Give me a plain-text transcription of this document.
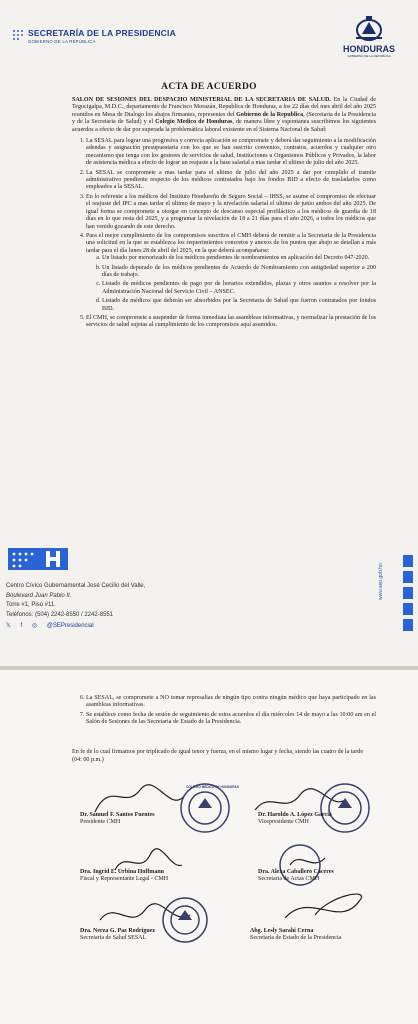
SECRETARÍA DE LA PRESIDENCIA
GOBIERNO DE LA REPÚBLICA
HONDURAS
GOBIERNO DE LA REPÚBLICA
ACTA DE ACUERDO

SALON DE SESIONES DEL DESPACHO MINISTERIAL DE LA SECRETARIA DE SALUD. En la Ciudad de Tegucigalpa, M.D.C., departamento de Francisco Morazán, Republica de Honduras, a los 22 días del mes abril del año 2025 reunidos en Mesa de Dialogo los abajos firmantes, representes del Gobierno de la Republica, (Secretaria de la Presidencia y de la Secretaria de Salud) y el Colegio Medico de Honduras, de manera libre y espontanea suscribimos los siguientes acuerdos a efecto de dar por superada la problemática laboral existente en el Sistema Nacional de Salud:

1. La SESAL para lograr una progresiva y correcta aplicación se compromete y deberá dar seguimiento a la modificación adendas y asignación presupuestaria con los que se han suscrito convenios, contratos, acuerdos y cualquier otro mecanismo que tenga con los gestores de servicios de salud, Instituciones u Organismos Públicos y Privados, la labor de asistencia médica a efecto de lograr un reajuste a la base salarial a mas tardar el ultimo de julio del año 2025.
2. La SESAL se compromete a mas tardar para el ultimo de julio del año 2025 a dar por cumplido el tramite administrativo pendiente respecto de los médicos contratados bajo los fondos BID a efecto de trasladarlos como empleados a la SESAL.
3. En lo referente a los médicos del Instituto Hondureño de Seguro Social – IHSS, se asume el compromiso de efectuar el reajuste del IPC a mas tardar el ultimo de mayo y la nivelación salarial el ultimo de junio ambos del año 2025. De igual forma se compromete a otorgar en concepto de descanso especial profiláctico a los médicos de guardia de 18 días en lo que resta del 2025, y a programar la nivelación de 18 a 21 días para el año 2026, a todos los médicos que han venido gozando de este derecho.
4. Para el mejor cumplimiento de los compromisos suscritos el CMH deberá de remitir a la Secretaria de la Presidencia una solicitud en la que se establezca los requerimientos concretos y anexos de los puntos que abajo se detallan a más tardar para el día lunes 28 de abril del 2025, en la que deberá acompañarse:
a. Un listado por menorizado de los médicos pendientes de nombramientos en aplicación del Decreto 047-2020.
b. Un listado depurado de los médicos pendientes de Acuerdo de Nombramiento con antigüedad superior a 200 días de trabajo.
c. Listado de médicos pendientes de pago por de horarios extendidos, plazas y otros asuntos a resolver por la Administración Nacional del Servicio Civil – ANSEC.
d. Listado de médicos que deberán ser absorbidos por la Secretaria de Salud que fueron contratados por fondos BID.
5. El CMH, se compromete a suspender de forma inmediata las asambleas informativas, y normalizar la prestación de los servicios de salud sujetas al cumplimiento de los compromisos aquí asumidos.
Centro Cívico Gubernamental José Cecilio del Valle,
Boulevard Juan Pablo II.
Torre #1, Piso #11.
Teléfonos: (504) 2242-8550 / 2242-8551
𝕏 f ◎ @SEPresidencial
www.sep.gob.hn
6. La SESAL, se compromete a NO tomar represalias de ningún tipo contra ningún médico que haya participado en las asambleas informativas.
7. Se establece como fecha de sesión de seguimiento de estos acuerdos el día miércoles 14 de mayo a las 10:00 am en el Salón de Sesiones de las Secretaria de Estado de la Presidencia.
En fe de lo cual firmamos por triplicado de igual tenor y fuerza, en el mismo lugar y fecha, siendo las cuatro de la tarde (04: 00 p.m.)
COLEGIO MÉDICO DE HONDURAS
Dr. Samuel F. Santos Fuentes
Presidente CMH
Dr. Haroldo A. López Garcia
Vicepresidente CMH
Dra. Ingrid E. Urbina Hoffmann
Fiscal y Representante Legal - CMH
Dra. Alexa Caballero Cáceres
Secretaria de Actas CMH
Dra. Nerza G. Paz Rodriguez
Secretaria de Salud SESAL
Abg. Lesly Sarahi Cerna
Secretaria de Estado de la Presidencia
